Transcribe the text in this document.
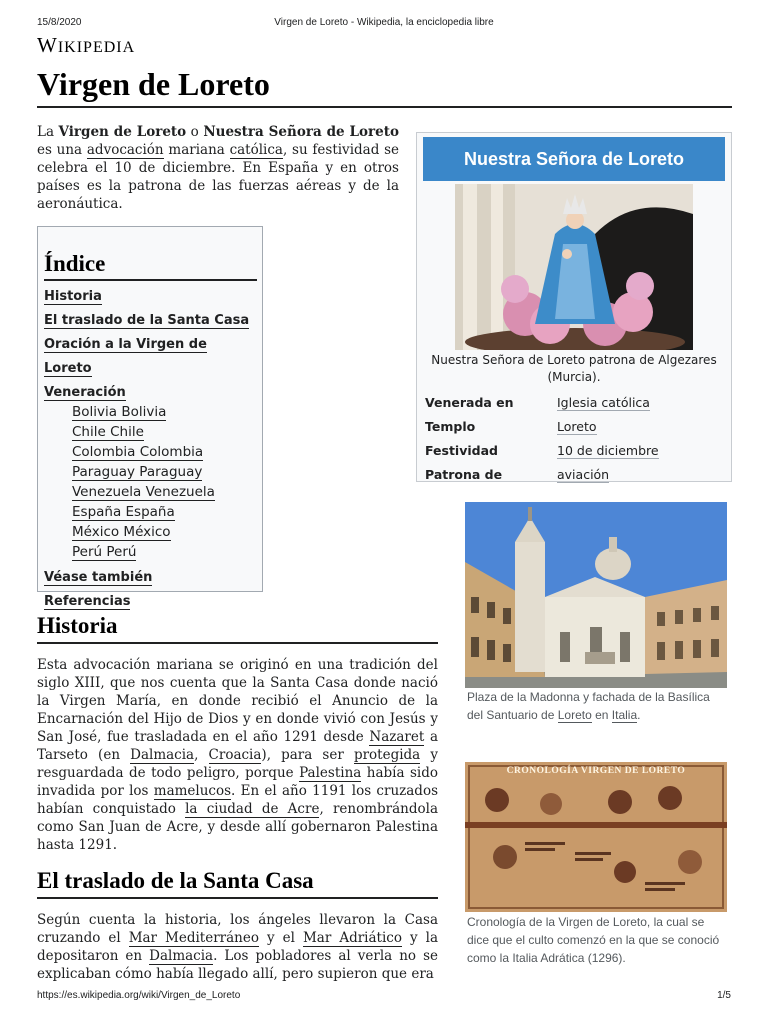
15/8/2020	Virgen de Loreto - Wikipedia, la enciclopedia libre
WIKIPEDIA
Virgen de Loreto

La Virgen de Loreto o Nuestra Señora de Loreto es una advocación mariana católica, su festividad se celebra el 10 de diciembre. En España y en otros países es la patrona de las fuerzas aéreas y de la aeronáutica.

Índice
Historia
El traslado de la Santa Casa
Oración a la Virgen de Loreto
Veneración
Bolivia Bolivia
Chile Chile
Colombia Colombia
Paraguay Paraguay
Venezuela Venezuela
España España
México México
Perú Perú
Véase también
Referencias
Historia

Esta advocación mariana se originó en una tradición del siglo XIII, que nos cuenta que la Santa Casa donde nació la Virgen María, en donde recibió el Anuncio de la Encarnación del Hijo de Dios y en donde vivió con Jesús y San José, fue trasladada en el año 1291 desde Nazaret a Tarseto (en Dalmacia, Croacia), para ser protegida y resguardada de todo peligro, porque Palestina había sido invadida por los mamelucos. En el año 1191 los cruzados habían conquistado la ciudad de Acre, renombrándola como San Juan de Acre, y desde allí gobernaron Palestina hasta 1291.

El traslado de la Santa Casa

Según cuenta la historia, los ángeles llevaron la Casa cruzando el Mar Mediterráneo y el Mar Adriático y la depositaron en Dalmacia. Los pobladores al verla no se explicaban cómo había llegado allí, pero supieron que era

Nuestra Señora de Loreto
Nuestra Señora de Loreto patrona de Algezares (Murcia).
Venerada en	Iglesia católica
Templo	Loreto
Festividad	10 de diciembre
Patrona de	aviación
Plaza de la Madonna y fachada de la Basílica del Santuario de Loreto en Italia.
CRONOLOGÍA VIRGEN DE LORETO
Cronología de la Virgen de Loreto, la cual se dice que el culto comenzó en la que se conoció como la Italia Adrática (1296).
https://es.wikipedia.org/wiki/Virgen_de_Loreto	1/5
